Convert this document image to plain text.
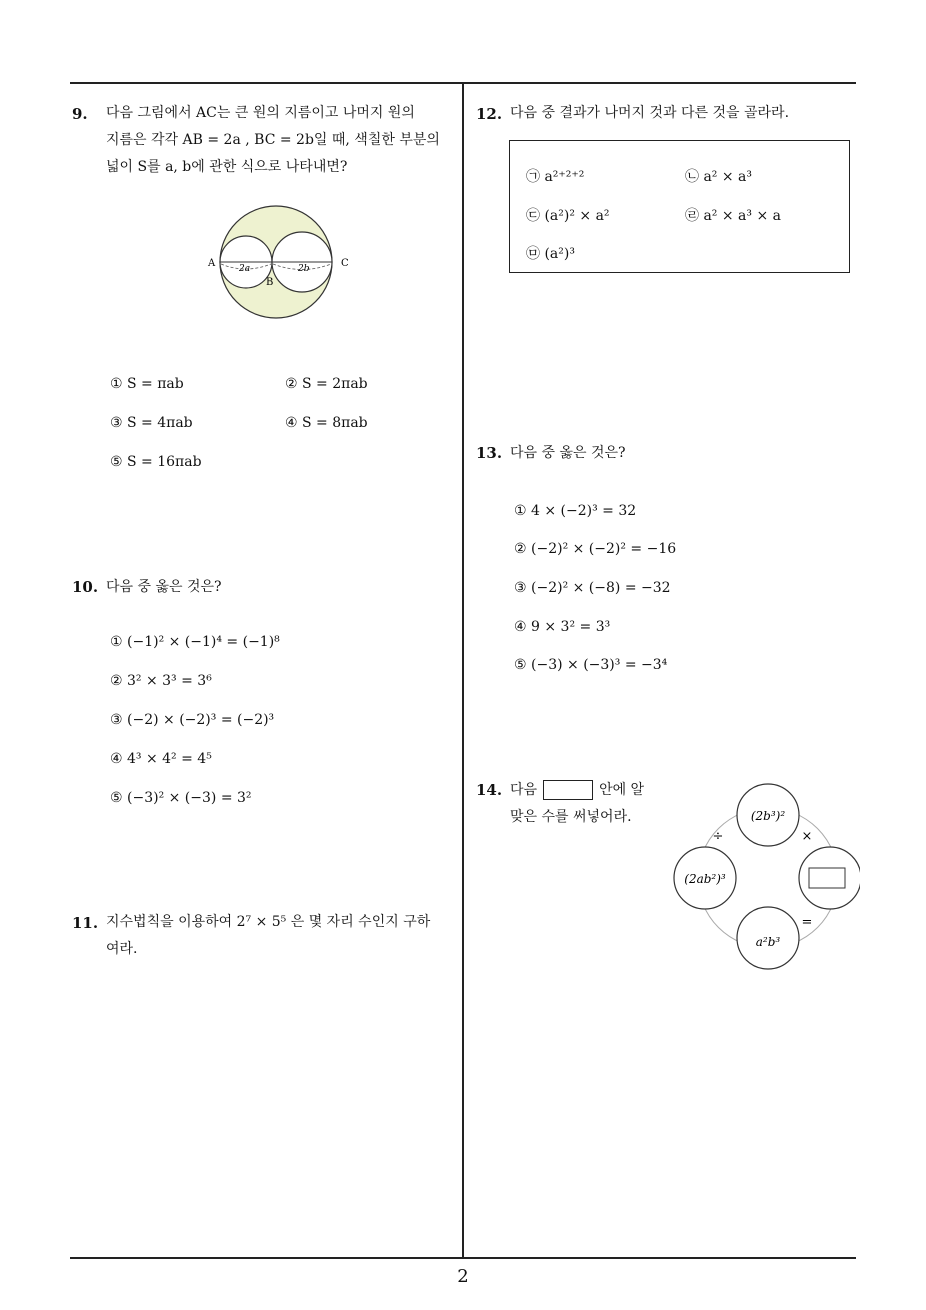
9. 다음 그림에서 AC는 큰 원의 지름이고 나머지 원의
지름은 각각 AB = 2a , BC = 2b일 때, 색칠한 부분의
넓이 S를 a, b에 관한 식으로 나타내면?
A	C
B
2a	2b
① S = πab	② S = 2πab
③ S = 4πab	④ S = 8πab
⑤ S = 16πab
10. 다음 중 옳은 것은?
① (−1)² × (−1)⁴ = (−1)⁸
② 3² × 3³ = 3⁶
③ (−2) × (−2)³ = (−2)³
④ 4³ × 4² = 4⁵
⑤ (−3)² × (−3) = 3²
11. 지수법칙을 이용하여 2⁷ × 5⁵ 은 몇 자리 수인지 구하
여라.
12. 다음 중 결과가 나머지 것과 다른 것을 골라라.
㉠ a²⁺²⁺²	㉡ a² × a³
㉢ (a²)² × a²	㉣ a² × a³ × a
㉤ (a²)³
13. 다음 중 옳은 것은?
① 4 × (−2)³ = 32
② (−2)² × (−2)² = −16
③ (−2)² × (−8) = −32
④ 9 × 3² = 3³
⑤ (−3) × (−3)³ = −3⁴
14. 다음	안에 알
맞은 수를 써넣어라.	(2b³)²
(2ab²)³
a²b³
÷	×
=
2
